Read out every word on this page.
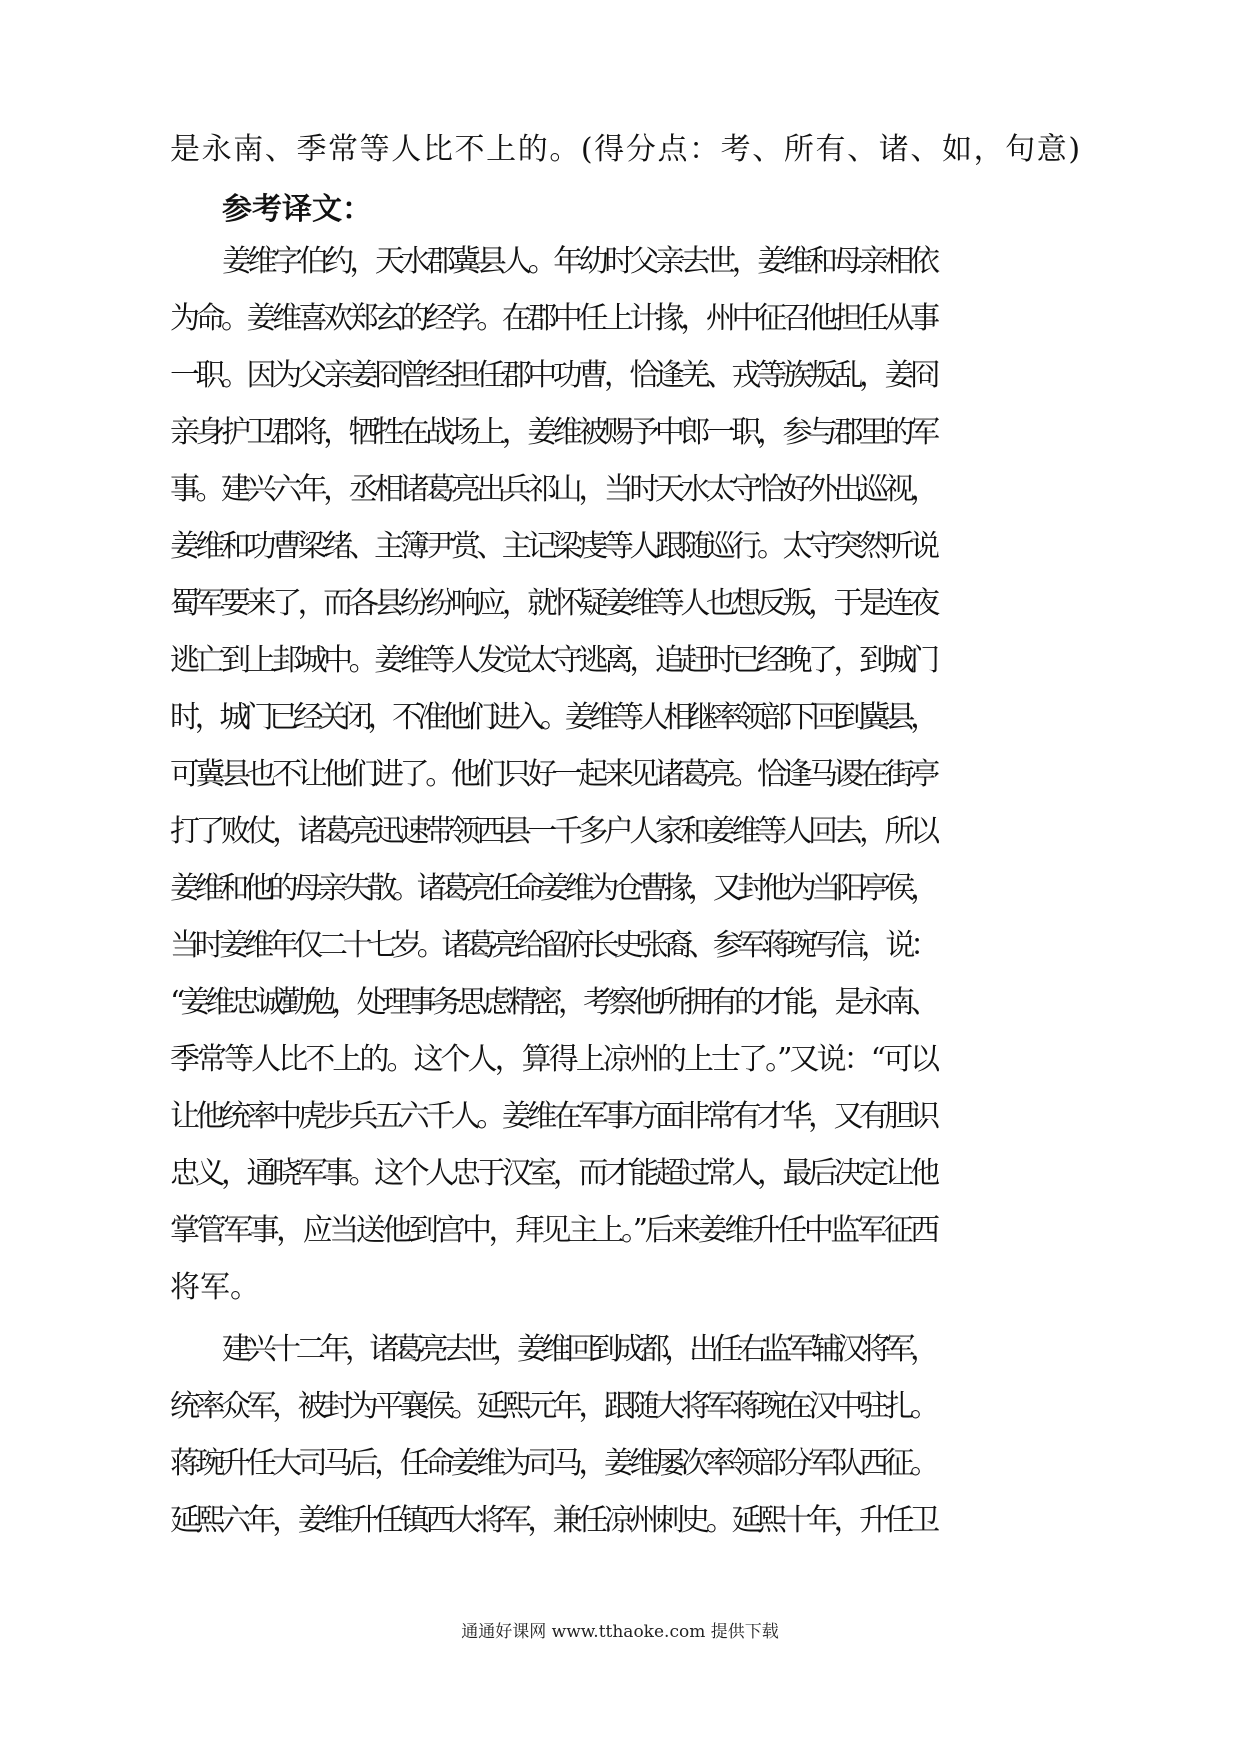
是永南、季常等人比不上的。(得分点：考、所有、诸、如，句意)
参考译文：
姜维字伯约，天水郡冀县人。年幼时父亲去世，姜维和母亲相依
为命。姜维喜欢郑玄的经学。在郡中任上计掾，州中征召他担任从事
一职。因为父亲姜冏曾经担任郡中功曹，恰逢羌、戎等族叛乱，姜冏
亲身护卫郡将，牺牲在战场上，姜维被赐予中郎一职，参与郡里的军
事。建兴六年，丞相诸葛亮出兵祁山，当时天水太守恰好外出巡视，
姜维和功曹梁绪、主簿尹赏、主记梁虔等人跟随巡行。太守突然听说
蜀军要来了，而各县纷纷响应，就怀疑姜维等人也想反叛，于是连夜
逃亡到上邽城中。姜维等人发觉太守逃离，追赶时已经晚了，到城门
时，城门已经关闭，不准他们进入。姜维等人相继率领部下回到冀县，
可冀县也不让他们进了。他们只好一起来见诸葛亮。恰逢马谡在街亭
打了败仗，诸葛亮迅速带领西县一千多户人家和姜维等人回去，所以
姜维和他的母亲失散。诸葛亮任命姜维为仓曹掾，又封他为当阳亭侯，
当时姜维年仅二十七岁。诸葛亮给留府长史张裔、参军蒋琬写信，说：
“姜维忠诚勤勉，处理事务思虑精密，考察他所拥有的才能，是永南、
季常等人比不上的。这个人，算得上凉州的上士了。”又说：“可以
让他统率中虎步兵五六千人。姜维在军事方面非常有才华，又有胆识
忠义，通晓军事。这个人忠于汉室，而才能超过常人，最后决定让他
掌管军事，应当送他到宫中，拜见主上。”后来姜维升任中监军征西
将军。
建兴十二年，诸葛亮去世，姜维回到成都，出任右监军辅汉将军，
统率众军，被封为平襄侯。延熙元年，跟随大将军蒋琬在汉中驻扎。
蒋琬升任大司马后，任命姜维为司马，姜维屡次率领部分军队西征。
延熙六年，姜维升任镇西大将军，兼任凉州刺史。延熙十年，升任卫
通通好课网 www.tthaoke.com 提供下载
